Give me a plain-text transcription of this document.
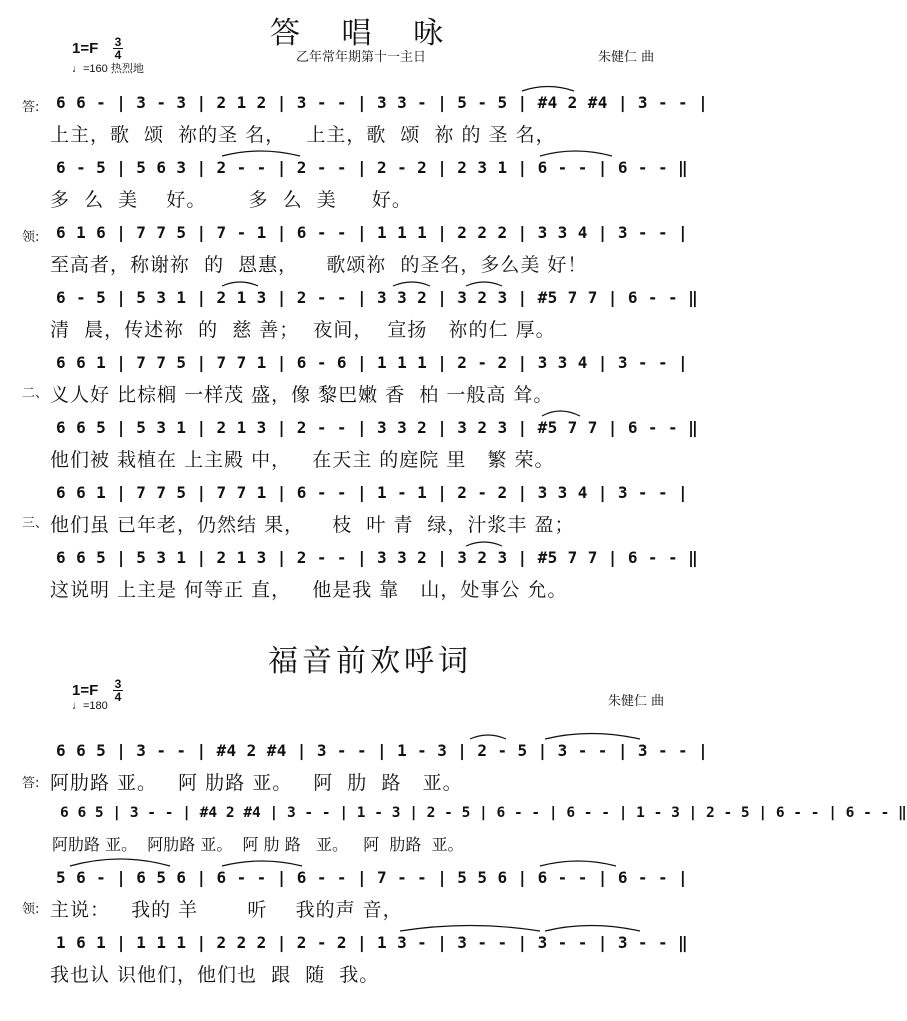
答 唱 咏
乙年常年期第十一主日	朱健仁 曲
1=F 3
4
♩=160 热烈地
答: 6 6 - | 3 - 3 | 2 1 2 | 3 - - | 3 3 - | 5 - 5 | #4 2 #4 | 3 - - |
上主，歌  颂  祢的圣 名，   上主，歌  颂  祢 的 圣 名，
6 - 5 | 5 6 3 | 2 - - | 2 - - | 2 - 2 | 2 3 1 | 6 - - | 6 - - ‖
多  么  美    好。      多  么  美     好。
领: 6 1 6 | 7 7 5 | 7 - 1 | 6 - - | 1 1 1 | 2 2 2 | 3 3 4 | 3 - - |
至高者，称谢祢  的  恩惠，    歌颂祢  的圣名，多么美 好！
6 - 5 | 5 3 1 | 2 1 3 | 2 - - | 3 3 2 | 3 2 3 | #5 7 7 | 6 - - ‖
清  晨，传述祢  的  慈 善；  夜间，  宣扬   祢的仁 厚。
6 6 1 | 7 7 5 | 7 7 1 | 6 - 6 | 1 1 1 | 2 - 2 | 3 3 4 | 3 - - |
二、 义人好 比棕榈 一样茂 盛，像 黎巴嫩 香  柏 一般高 耸。
6 6 5 | 5 3 1 | 2 1 3 | 2 - - | 3 3 2 | 3 2 3 | #5 7 7 | 6 - - ‖
他们被 栽植在 上主殿 中，   在天主 的庭院 里   繁 荣。
6 6 1 | 7 7 5 | 7 7 1 | 6 - - | 1 - 1 | 2 - 2 | 3 3 4 | 3 - - |
三、 他们虽 已年老，仍然结 果，    枝  叶 青  绿，汁浆丰 盈；
6 6 5 | 5 3 1 | 2 1 3 | 2 - - | 3 3 2 | 3 2 3 | #5 7 7 | 6 - - ‖
这说明 上主是 何等正 直，   他是我 靠   山，处事公 允。
福音前欢呼词
朱健仁 曲
1=F 3
4
♩=180
6 6 5 | 3 - - | #4 2 #4 | 3 - - | 1 - 3 | 2 - 5 | 3 - - | 3 - - |
答: 阿肋路 亚。   阿 肋路 亚。   阿  肋  路   亚。
6 6 5 | 3 - - | #4 2 #4 | 3 - - | 1 - 3 | 2 - 5 | 6 - - | 6 - - | 1 - 3 | 2 - 5 | 6 - - | 6 - - ‖
阿肋路 亚。  阿肋路 亚。  阿 肋 路   亚。   阿  肋路  亚。
领:
5 6 - | 6 5 6 | 6 - - | 6 - - | 7 - - | 5 5 6 | 6 - - | 6 - - |
主说：   我的 羊       听    我的声 音，
1 6 1 | 1 1 1 | 2 2 2 | 2 - 2 | 1 3 - | 3 - - | 3 - - | 3 - - ‖
我也认 识他们，他们也  跟  随  我。
